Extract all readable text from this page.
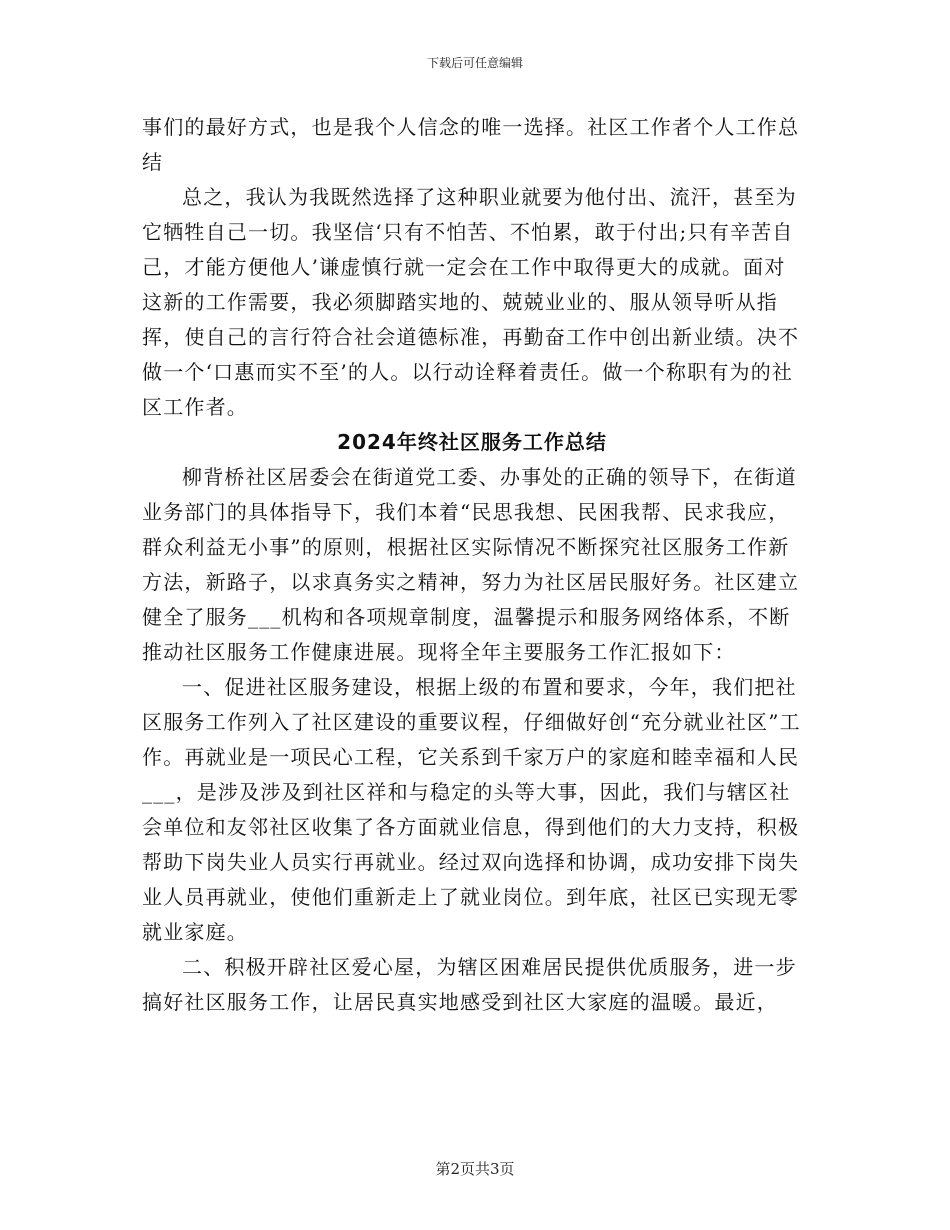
下载后可任意编辑

事们的最好方式，也是我个人信念的唯一选择。社区工作者个人工作总结

总之，我认为我既然选择了这种职业就要为他付出、流汗，甚至为它牺牲自己一切。我坚信‘只有不怕苦、不怕累，敢于付出;只有辛苦自己，才能方便他人’谦虚慎行就一定会在工作中取得更大的成就。面对这新的工作需要，我必须脚踏实地的、兢兢业业的、服从领导听从指挥，使自己的言行符合社会道德标准，再勤奋工作中创出新业绩。决不做一个‘口惠而实不至’的人。以行动诠释着责任。做一个称职有为的社区工作者。

2024年终社区服务工作总结

柳背桥社区居委会在街道党工委、办事处的正确的领导下，在街道业务部门的具体指导下，我们本着“民思我想、民困我帮、民求我应，群众利益无小事”的原则，根据社区实际情况不断探究社区服务工作新方法，新路子，以求真务实之精神，努力为社区居民服好务。社区建立健全了服务___机构和各项规章制度，温馨提示和服务网络体系，不断推动社区服务工作健康进展。现将全年主要服务工作汇报如下：

一、促进社区服务建设，根据上级的布置和要求，今年，我们把社区服务工作列入了社区建设的重要议程，仔细做好创“充分就业社区”工作。再就业是一项民心工程，它关系到千家万户的家庭和睦幸福和人民___，是涉及涉及到社区祥和与稳定的头等大事，因此，我们与辖区社会单位和友邻社区收集了各方面就业信息，得到他们的大力支持，积极帮助下岗失业人员实行再就业。经过双向选择和协调，成功安排下岗失业人员再就业，使他们重新走上了就业岗位。到年底，社区已实现无零就业家庭。

二、积极开辟社区爱心屋，为辖区困难居民提供优质服务，进一步搞好社区服务工作，让居民真实地感受到社区大家庭的温暖。最近，

第2页共3页
